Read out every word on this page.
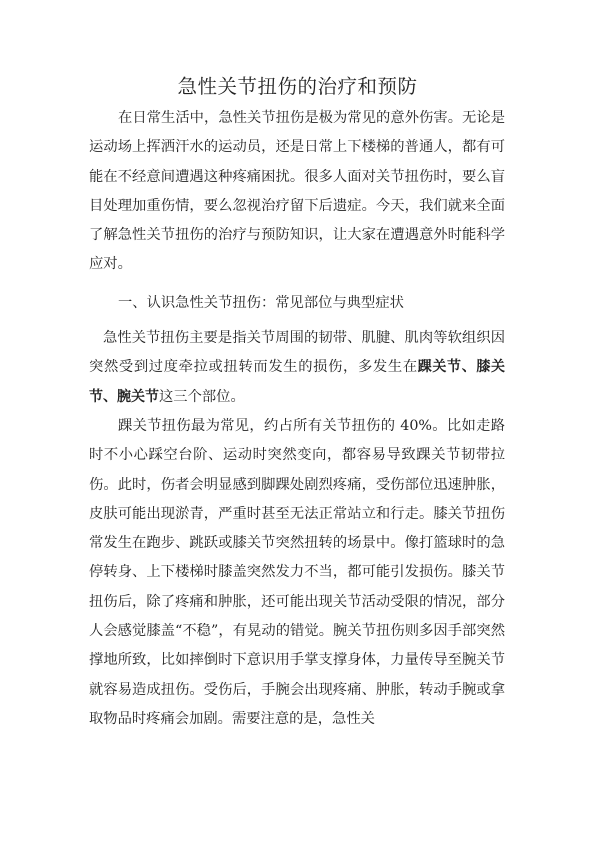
急性关节扭伤的治疗和预防

在日常生活中，急性关节扭伤是极为常见的意外伤害。无论是运动场上挥洒汗水的运动员，还是日常上下楼梯的普通人，都有可能在不经意间遭遇这种疼痛困扰。很多人面对关节扭伤时，要么盲目处理加重伤情，要么忽视治疗留下后遗症。今天，我们就来全面了解急性关节扭伤的治疗与预防知识，让大家在遭遇意外时能科学应对。

一、认识急性关节扭伤：常见部位与典型症状

急性关节扭伤主要是指关节周围的韧带、肌腱、肌肉等软组织因突然受到过度牵拉或扭转而发生的损伤，多发生在踝关节、膝关节、腕关节这三个部位。

踝关节扭伤最为常见，约占所有关节扭伤的 40%。比如走路时不小心踩空台阶、运动时突然变向，都容易导致踝关节韧带拉伤。此时，伤者会明显感到脚踝处剧烈疼痛，受伤部位迅速肿胀，皮肤可能出现淤青，严重时甚至无法正常站立和行走。膝关节扭伤常发生在跑步、跳跃或膝关节突然扭转的场景中。像打篮球时的急停转身、上下楼梯时膝盖突然发力不当，都可能引发损伤。膝关节扭伤后，除了疼痛和肿胀，还可能出现关节活动受限的情况，部分人会感觉膝盖“不稳”，有晃动的错觉。腕关节扭伤则多因手部突然撑地所致，比如摔倒时下意识用手掌支撑身体，力量传导至腕关节就容易造成扭伤。受伤后，手腕会出现疼痛、肿胀，转动手腕或拿取物品时疼痛会加剧。需要注意的是，急性关
